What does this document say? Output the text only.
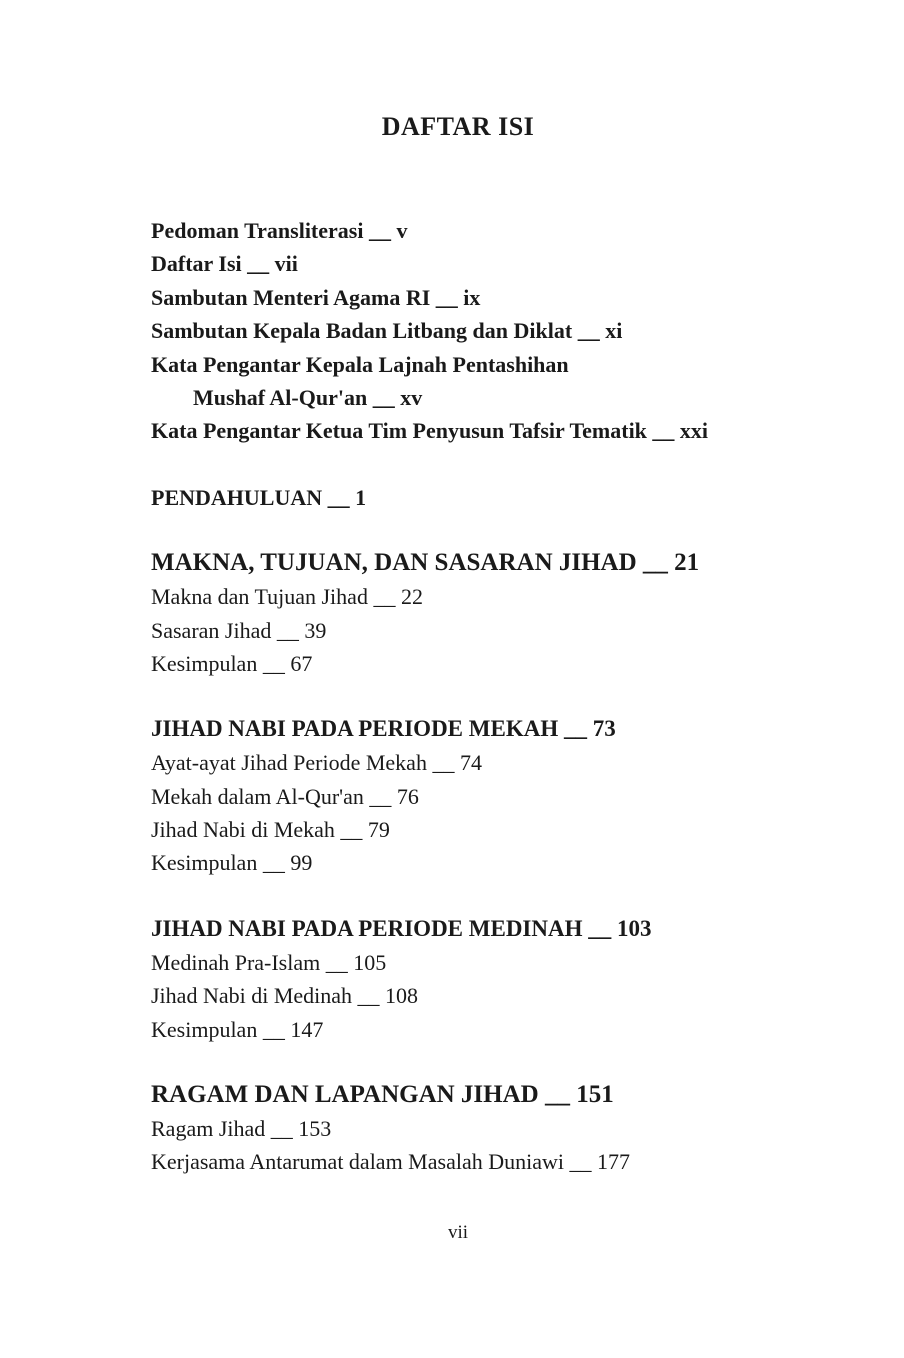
DAFTAR ISI
Pedoman Transliterasi __ v
Daftar Isi __ vii
Sambutan Menteri Agama RI __ ix
Sambutan Kepala Badan Litbang dan Diklat __ xi
Kata Pengantar Kepala Lajnah Pentashihan
Mushaf Al-Qur'an __ xv
Kata Pengantar Ketua Tim Penyusun Tafsir Tematik __ xxi
PENDAHULUAN __ 1
MAKNA, TUJUAN, DAN SASARAN JIHAD __ 21
Makna dan Tujuan Jihad __ 22
Sasaran Jihad __ 39
Kesimpulan __ 67
JIHAD NABI PADA PERIODE MEKAH __ 73
Ayat-ayat Jihad Periode Mekah __ 74
Mekah dalam Al-Qur'an __ 76
Jihad Nabi di Mekah __ 79
Kesimpulan __ 99
JIHAD NABI PADA PERIODE MEDINAH __ 103
Medinah Pra-Islam __ 105
Jihad Nabi di Medinah __ 108
Kesimpulan __ 147
RAGAM DAN LAPANGAN JIHAD __ 151
Ragam Jihad __ 153
Kerjasama Antarumat dalam Masalah Duniawi __ 177
vii
